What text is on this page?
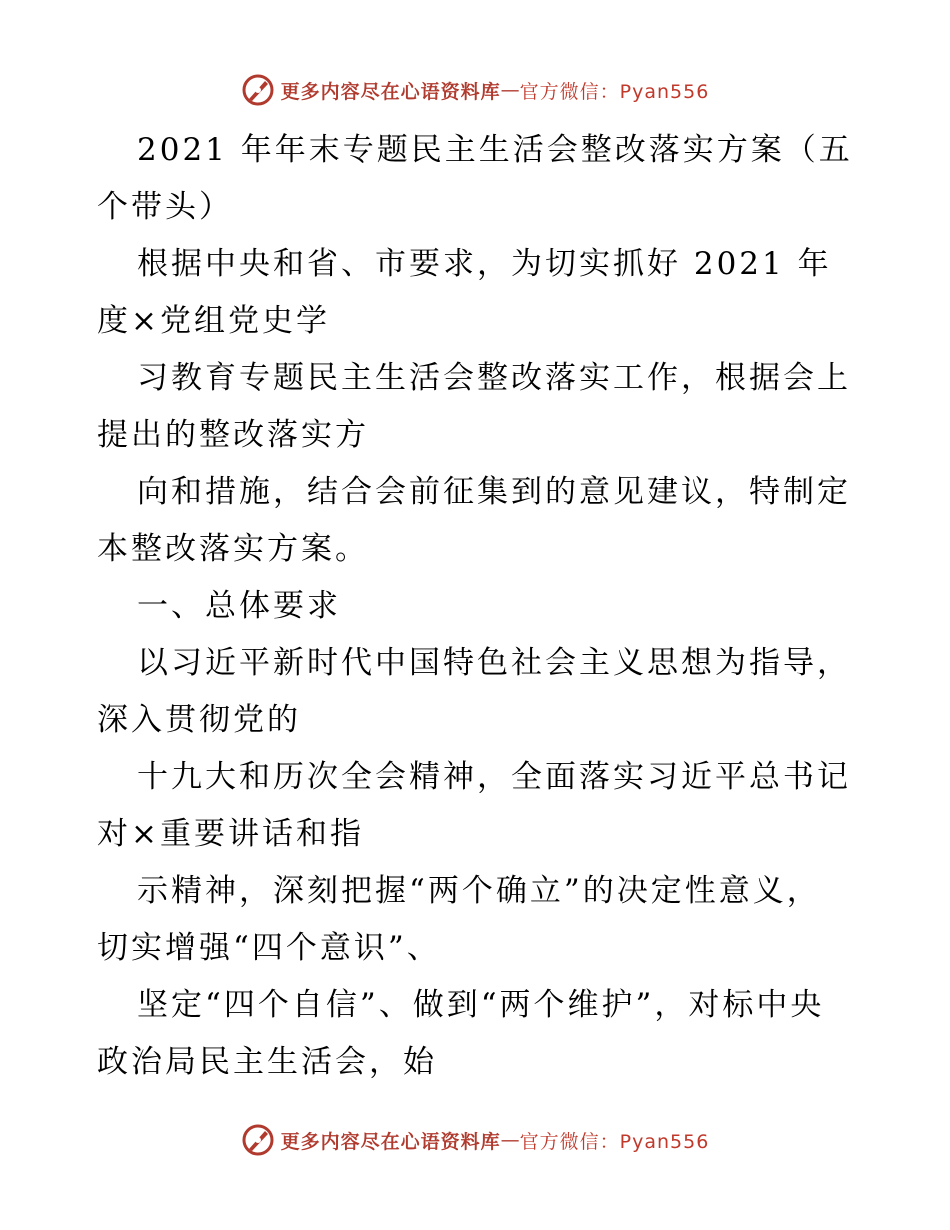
更多内容尽在心语资料库 — 官方微信：Pyan556

2021 年年末专题民主生活会整改落实方案（五个带头）

根据中央和省、市要求，为切实抓好 2021 年度×党组党史学

习教育专题民主生活会整改落实工作，根据会上提出的整改落实方

向和措施，结合会前征集到的意见建议，特制定本整改落实方案。

一、总体要求

以习近平新时代中国特色社会主义思想为指导，深入贯彻党的

十九大和历次全会精神，全面落实习近平总书记对×重要讲话和指

示精神，深刻把握“两个确立”的决定性意义，切实增强“四个意识”、

坚定“四个自信”、做到“两个维护”，对标中央政治局民主生活会，始

更多内容尽在心语资料库 — 官方微信：Pyan556
